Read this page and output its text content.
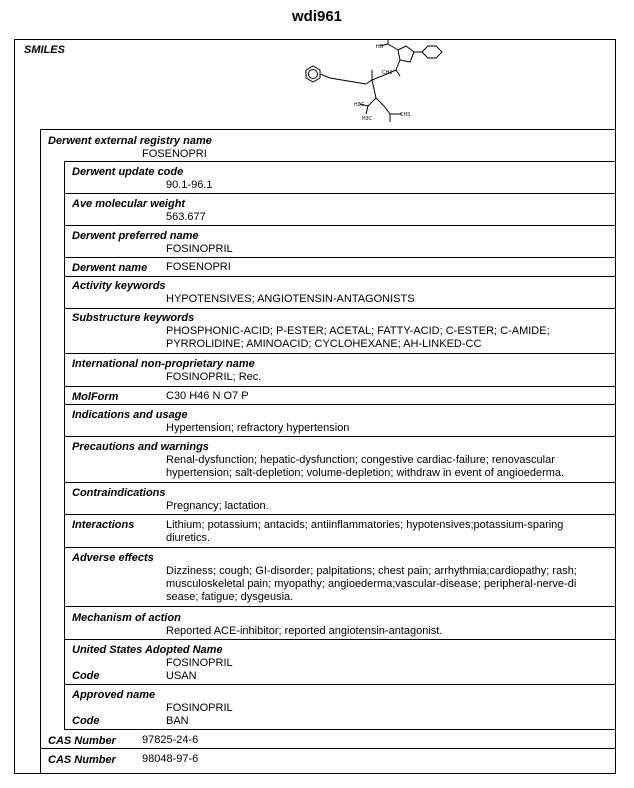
wdi961
SMILES	HO
H3C
H3C
CH3
CH3
Derwent external registry name
FOSENOPRI
Derwent update code
90.1-96.1
Ave molecular weight
563.677
Derwent preferred name
FOSINOPRIL
Derwent name FOSENOPRI
Activity keywords
HYPOTENSIVES; ANGIOTENSIN-ANTAGONISTS
Substructure keywords
PHOSPHONIC-ACID; P-ESTER; ACETAL; FATTY-ACID; C-ESTER; C-AMIDE;
PYRROLIDINE; AMINOACID; CYCLOHEXANE; AH-LINKED-CC
International non-proprietary name
FOSINOPRIL; Rec.
MolForm	C30 H46 N O7 P
Indications and usage
Hypertension; refractory hypertension
Precautions and warnings
Renal-dysfunction; hepatic-dysfunction; congestive cardiac-failure; renovascular
hypertension; salt-depletion; volume-depletion; withdraw in event of angioederma.
Contraindications
Pregnancy; lactation.
Interactions	Lithium; potassium; antacids; antiinflammatories; hypotensives;potassium-sparing
diuretics.
Adverse effects
Dizziness; cough; GI-disorder; palpitations; chest pain; arrhythmia;cardiopathy; rash;
musculoskeletal pain; myopathy; angioederma;vascular-disease; peripheral-nerve-di
sease; fatigue; dysgeusia.
Mechanism of action
Reported ACE-inhibitor; reported angiotensin-antagonist.
United States Adopted Name
FOSINOPRIL
Code	USAN
Approved name
FOSINOPRIL
Code	BAN
CAS Number 97825-24-6
CAS Number 98048-97-6
